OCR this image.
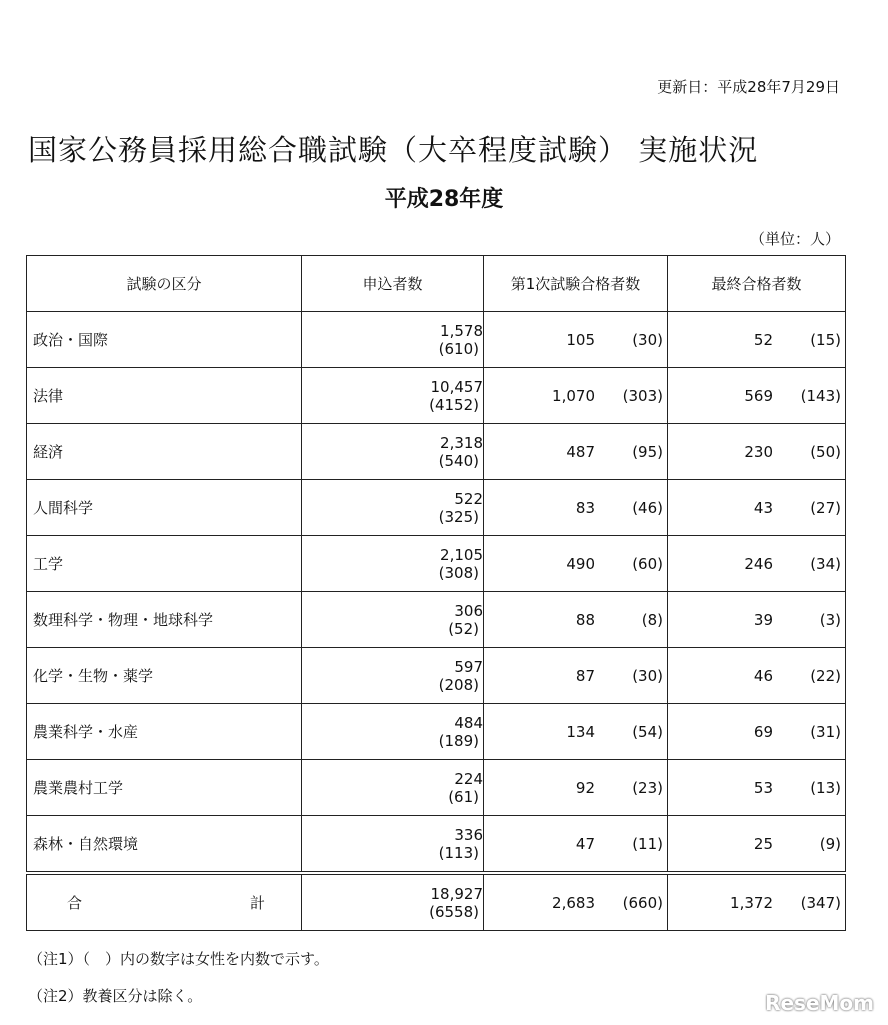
更新日：平成28年7月29日
国家公務員採用総合職試験（大卒程度試験） 実施状況
平成28年度
（単位：人）
試験の区分	申込者数	第1次試験合格者数	最終合格者数
政治・国際	1,578(610)	105 (30)	52 (15)
法律	10,457(4152)	1,070 (303)	569 (143)
経済	2,318(540)	487 (95)	230 (50)
人間科学	522(325)	83 (46)	43 (27)
工学	2,105(308)	490 (60)	246 (34)
数理科学・物理・地球科学	306(52)	88 (8)	39 (3)
化学・生物・薬学	597(208)	87 (30)	46 (22)
農業科学・水産	484(189)	134 (54)	69 (31)
農業農村工学	224(61)	92 (23)	53 (13)
森林・自然環境	336(113)	47 (11)	25 (9)

合 計	18,927(6558)	2,683 (660)	1,372 (347)
（注1）（　）内の数字は女性を内数で示す。
（注2）教養区分は除く。	ReseMom
